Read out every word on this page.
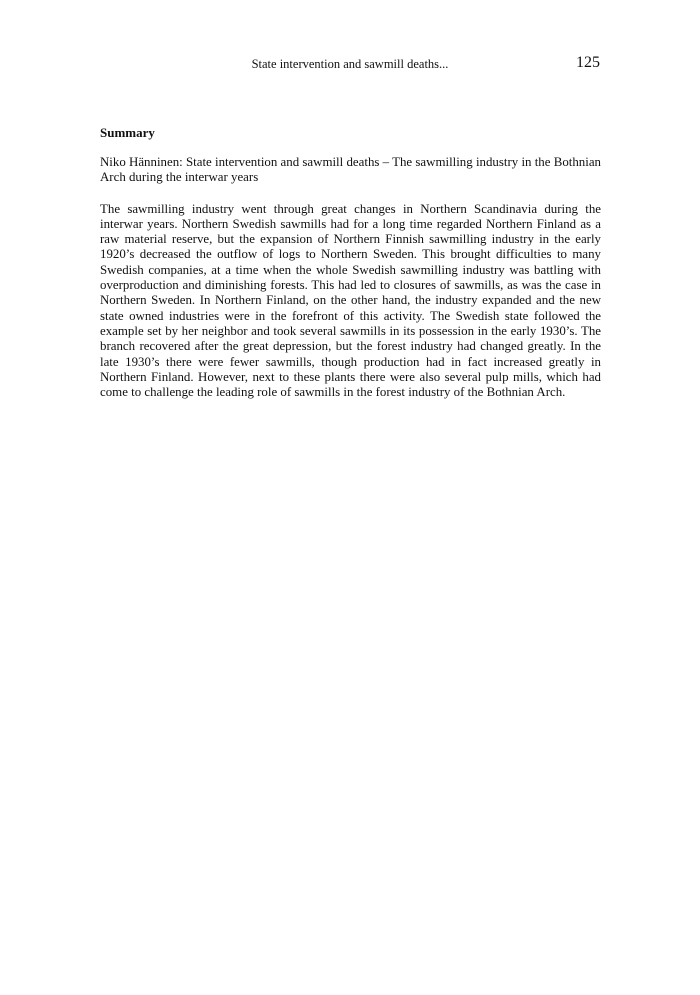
State intervention and sawmill deaths...	125
Summary

Niko Hänninen: State intervention and sawmill deaths – The sawmilling industry in the Bothnian Arch during the interwar years

The sawmilling industry went through great changes in Northern Scandinavia during the interwar years. Northern Swedish sawmills had for a long time regarded Northern Finland as a raw material reserve, but the expansion of Northern Finnish sawmilling industry in the early 1920’s decreased the outflow of logs to Northern Sweden. This brought difficulties to many Swedish companies, at a time when the whole Swedish sawmilling industry was battling with overproduction and diminishing forests. This had led to closures of sawmills, as was the case in Northern Sweden. In Northern Finland, on the other hand, the industry expanded and the new state owned industries were in the forefront of this activity. The Swedish state followed the example set by her neighbor and took several sawmills in its possession in the early 1930’s. The branch recovered after the great depression, but the forest industry had changed greatly. In the late 1930’s there were fewer sawmills, though production had in fact increased greatly in Northern Finland. However, next to these plants there were also several pulp mills, which had come to challenge the leading role of sawmills in the forest industry of the Bothnian Arch.
